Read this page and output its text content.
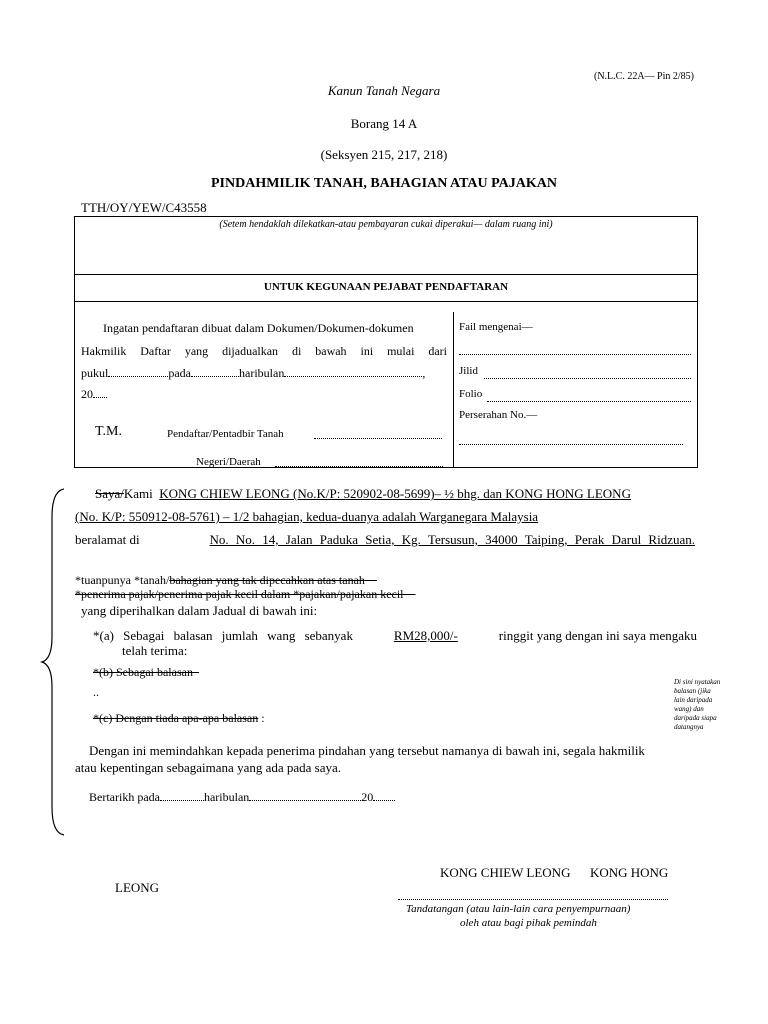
(N.L.C. 22A— Pin 2/85)
Kanun Tanah Negara
Borang 14 A
(Seksyen 215, 217, 218)
PINDAHMILIK TANAH, BAHAGIAN ATAU PAJAKAN
TTH/OY/YEW/C43558
(Setem hendaklah dilekatkan-atau pembayaran cukai diperakui— dalam ruang ini)
UNTUK KEGUNAAN PEJABAT PENDAFTARAN
Ingatan pendaftaran dibuat dalam Dokumen/Dokumen-dokumen
Hakmilik Daftar yang dijadualkan di bawah ini mulai dari
pukul	pada	haribulan	,
20
T.M.	Pendaftar/Pentadbir Tanah
Negeri/Daerah
Fail mengenai—
Jilid
Folio
Perserahan No.—
Saya/Kami KONG CHIEW LEONG (No.K/P: 520902-08-5699)– ½ bhg. dan KONG HONG LEONG
(No. K/P: 550912-08-5761) – 1/2 bahagian, kedua-duanya adalah Warganegara Malaysia
beralamat di	No. No. 14, Jalan Paduka Setia, Kg. Tersusun, 34000 Taiping, Perak Darul Ridzuan.
*tuanpunya *tanah/bahagian yang tak dipecahkan atas tanah
*penerima pajak/penerima pajak kecil dalam *pajakan/pajakan kecil
yang diperihalkan dalam Jadual di bawah ini:
*(a) Sebagai balasan jumlah wang sebanyak	RM28,000/-	ringgit yang dengan ini saya mengaku
telah terima:
*(b) Sebagai balasan
..
*(c) Dengan tiada apa-apa balasan :
Di sini nyatakan balasan (jika lain daripada wang) dan daripada siapa datangnya
Dengan ini memindahkan kepada penerima pindahan yang tersebut namanya di bawah ini, segala hakmilik
atau kepentingan sebagaimana yang ada pada saya.
Bertarikh pada	haribulan	20
KONG CHIEW LEONG KONG HONG
LEONG
Tandatangan (atau lain-lain cara penyempurnaan)
oleh atau bagi pihak pemindah
